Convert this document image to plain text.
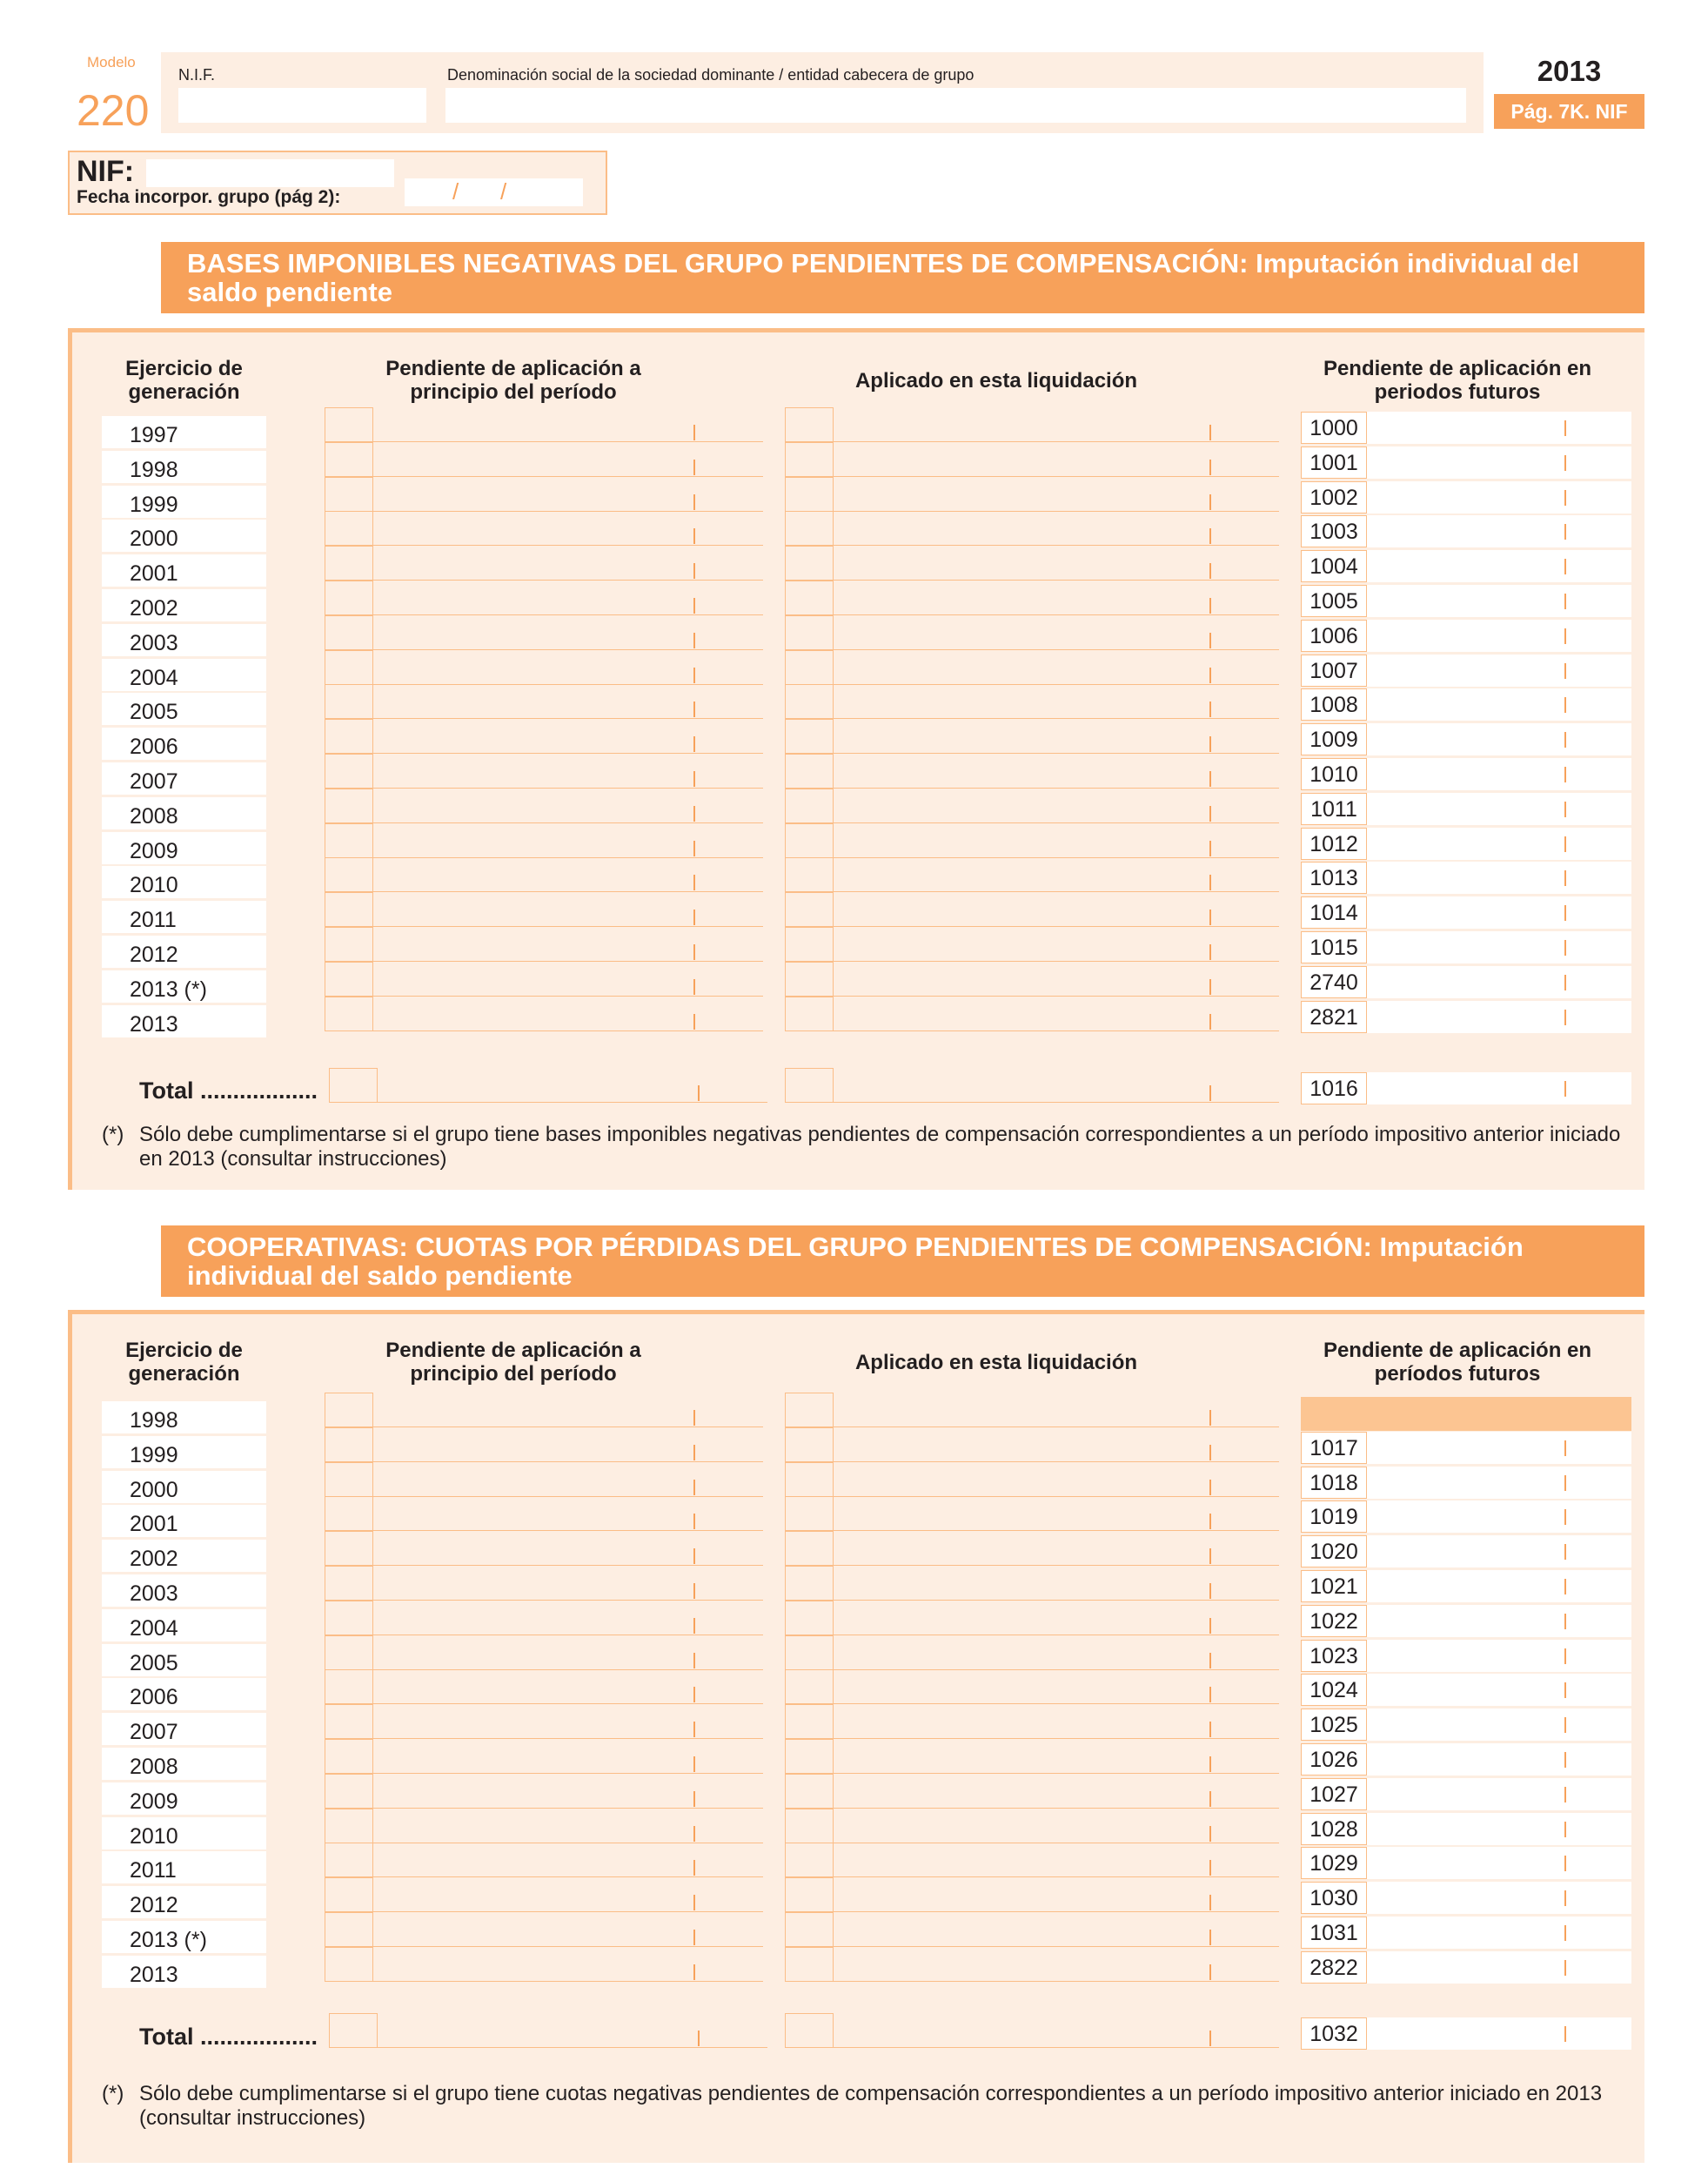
Modelo
220
N.I.F.	Denominación social de la sociedad dominante / entidad cabecera de grupo	2013
Pág. 7K. NIF
NIF:
Fecha incorpor. grupo (pág 2):	/ /
BASES IMPONIBLES NEGATIVAS DEL GRUPO PENDIENTES DE COMPENSACIÓN: Imputación individual del saldo pendiente
Ejercicio de generación
Pendiente de aplicación a principio del período	Aplicado en esta liquidación
Pendiente de aplicación en periodos futuros
1997	1000
1998	1001
1999	1002
2000	1003
2001	1004
2002	1005
2003	1006
2004	1007
2005	1008
2006	1009
2007	1010
2008	1011
2009	1012
2010	1013
2011	1014
2012	1015
2013 (*)	2740
2013	2821
Total ..................	1016
(*) Sólo debe cumplimentarse si el grupo tiene bases imponibles negativas pendientes de compensación correspondientes a un período impositivo anterior iniciado en 2013 (consultar instrucciones)
COOPERATIVAS: CUOTAS POR PÉRDIDAS DEL GRUPO PENDIENTES DE COMPENSACIÓN: Imputación individual del saldo pendiente
Ejercicio de generación
Pendiente de aplicación a principio del período	Aplicado en esta liquidación
Pendiente de aplicación en períodos futuros
1998
1999	1017
2000	1018
2001	1019
2002	1020
2003	1021
2004	1022
2005	1023
2006	1024
2007	1025
2008	1026
2009	1027
2010	1028
2011	1029
2012	1030
2013 (*)	1031
2013	2822
Total ..................	1032
(*) Sólo debe cumplimentarse si el grupo tiene cuotas negativas pendientes de compensación correspondientes a un período impositivo anterior iniciado en 2013 (consultar instrucciones)
